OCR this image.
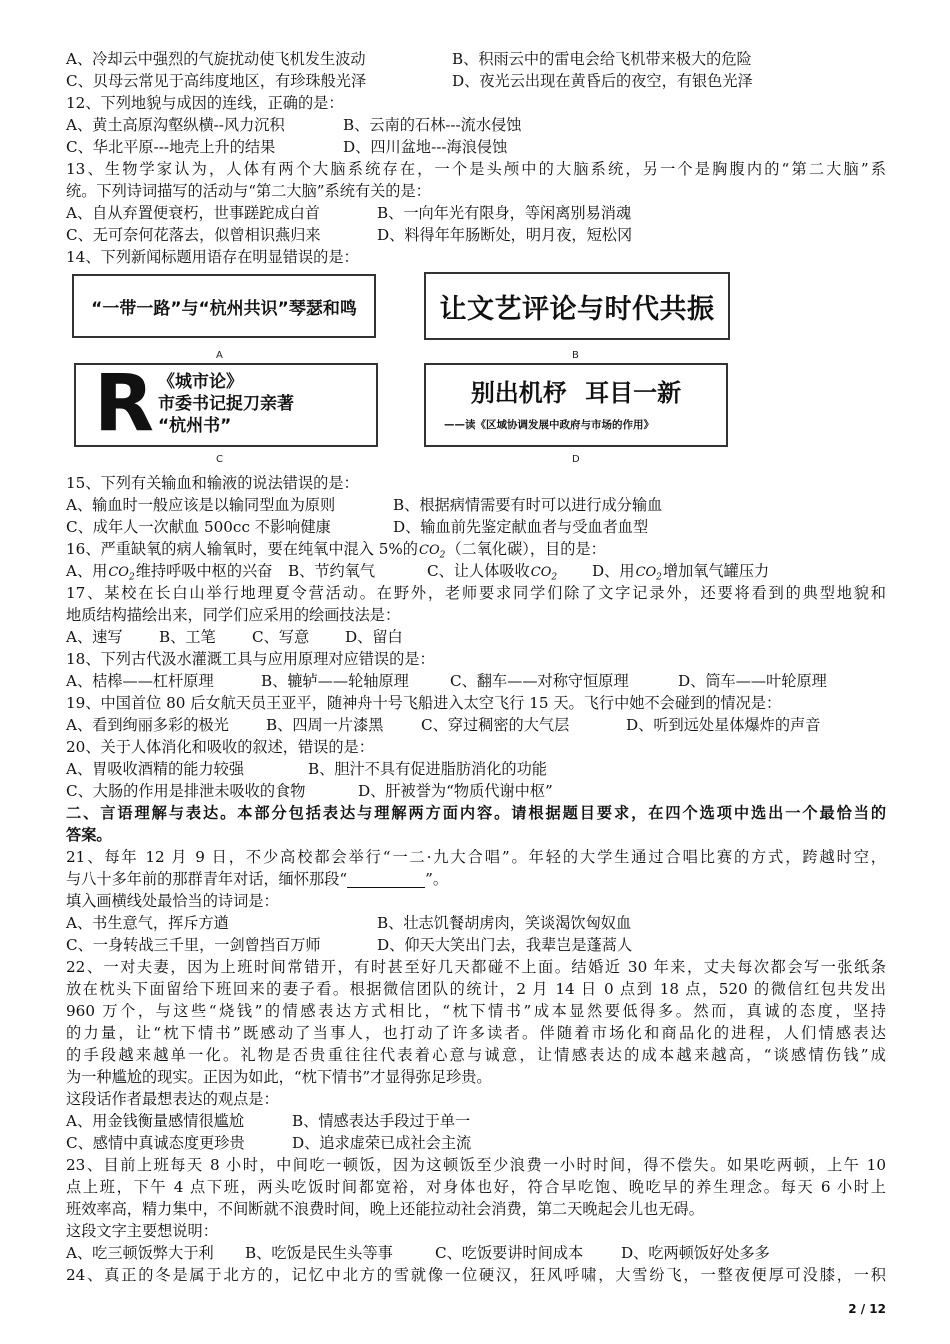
A、冷却云中强烈的气旋扰动使飞机发生波动	B、积雨云中的雷电会给飞机带来极大的危险
C、贝母云常见于高纬度地区，有珍珠般光泽	D、夜光云出现在黄昏后的夜空，有银色光泽
12、下列地貌与成因的连线，正确的是：
A、黄土高原沟壑纵横--风力沉积	B、云南的石林---流水侵蚀
C、华北平原---地壳上升的结果	D、四川盆地---海浪侵蚀
13、生物学家认为，人体有两个大脑系统存在，一个是头颅中的大脑系统，另一个是胸腹内的“第二大脑”系
统。下列诗词描写的活动与“第二大脑”系统有关的是：
A、自从弃置便衰朽，世事蹉跎成白首	B、一向年光有限身，等闲离别易消魂
C、无可奈何花落去，似曾相识燕归来	D、料得年年肠断处，明月夜，短松冈
14、下列新闻标题用语存在明显错误的是：
“一带一路”与“杭州共识”琴瑟和鸣
A
让文艺评论与时代共振
B
R 《城市论》
市委书记捉刀亲著
“杭州书”
C
别出机杼 耳目一新
——读《区域协调发展中政府与市场的作用》
D
15、下列有关输血和输液的说法错误的是：
A、输血时一般应该是以输同型血为原则	B、根据病情需要有时可以进行成分输血
C、成年人一次献血 500cc 不影响健康	D、输血前先鉴定献血者与受血者血型
16、严重缺氧的病人输氧时，要在纯氧中混入 5%的$CO_2$（二氧化碳），目的是：
A、用$CO_2$维持呼吸中枢的兴奋	B、节约氧气	C、让人体吸收$CO_2$	D、用$CO_2$增加氧气罐压力
17、某校在长白山举行地理夏令营活动。在野外，老师要求同学们除了文字记录外，还要将看到的典型地貌和
地质结构描绘出来，同学们应采用的绘画技法是：
A、速写	B、工笔	C、写意	D、留白
18、下列古代汲水灌溉工具与应用原理对应错误的是：
A、桔槔——杠杆原理	B、辘轳——轮轴原理	C、翻车——对称守恒原理	D、筒车——叶轮原理
19、中国首位 80 后女航天员王亚平，随神舟十号飞船进入太空飞行 15 天。飞行中她不会碰到的情况是：
A、看到绚丽多彩的极光	B、四周一片漆黑	C、穿过稠密的大气层	D、听到远处星体爆炸的声音
20、关于人体消化和吸收的叙述，错误的是：
A、胃吸收酒精的能力较强	B、胆汁不具有促进脂肪消化的功能
C、大肠的作用是排泄未吸收的食物	D、肝被誉为“物质代谢中枢”
二、言语理解与表达。本部分包括表达与理解两方面内容。请根据题目要求，在四个选项中选出一个最恰当的
答案。
21、每年 12 月 9 日，不少高校都会举行“一二·九大合唱”。年轻的大学生通过合唱比赛的方式，跨越时空，
与八十多年前的那群青年对话，缅怀那段“	”。
填入画横线处最恰当的诗词是：
A、书生意气，挥斥方遒	B、壮志饥餐胡虏肉，笑谈渴饮匈奴血
C、一身转战三千里，一剑曾挡百万师	D、仰天大笑出门去，我辈岂是蓬蒿人
22、一对夫妻，因为上班时间常错开，有时甚至好几天都碰不上面。结婚近 30 年来，丈夫每次都会写一张纸条
放在枕头下面留给下班回来的妻子看。根据微信团队的统计，2 月 14 日 0 点到 18 点，520 的微信红包共发出
960 万个，与这些“烧钱”的情感表达方式相比，“枕下情书”成本显然要低得多。然而，真诚的态度，坚持
的力量，让“枕下情书”既感动了当事人，也打动了许多读者。伴随着市场化和商品化的进程，人们情感表达
的手段越来越单一化。礼物是否贵重往往代表着心意与诚意，让情感表达的成本越来越高，“谈感情伤钱”成
为一种尴尬的现实。正因为如此，“枕下情书”才显得弥足珍贵。
这段话作者最想表达的观点是：
A、用金钱衡量感情很尴尬	B、情感表达手段过于单一
C、感情中真诚态度更珍贵	D、追求虚荣已成社会主流
23、目前上班每天 8 小时，中间吃一顿饭，因为这顿饭至少浪费一小时时间，得不偿失。如果吃两顿，上午 10
点上班，下午 4 点下班，两头吃饭时间都宽裕，对身体也好，符合早吃饱、晚吃早的养生理念。每天 6 小时上
班效率高，精力集中，不间断就不浪费时间，晚上还能拉动社会消费，第二天晚起会儿也无碍。
这段文字主要想说明：
A、吃三顿饭弊大于利	B、吃饭是民生头等事	C、吃饭要讲时间成本	D、吃两顿饭好处多多
24、真正的冬是属于北方的，记忆中北方的雪就像一位硬汉，狂风呼啸，大雪纷飞，一整夜便厚可没膝，一积
2 / 12
